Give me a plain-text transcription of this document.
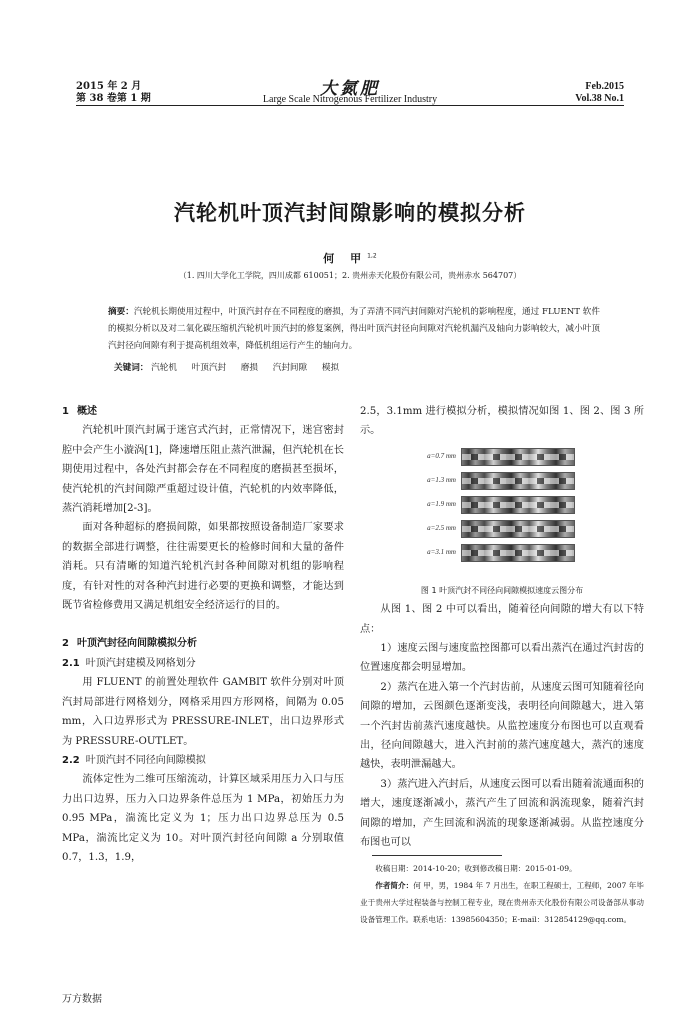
2015 年 2 月
第 38 卷第 1 期	大氮肥
Large Scale Nitrogenous Fertilizer Industry
Feb.2015
Vol.38 No.1
汽轮机叶顶汽封间隙影响的模拟分析
何 甲$^{1,2}$
（1. 四川大学化工学院，四川成都 610051；2. 贵州赤天化股份有限公司，贵州赤水 564707）
摘要：汽轮机长期使用过程中，叶顶汽封存在不同程度的磨损，为了弄清不同汽封间隙对汽轮机的影响程度，通过 FLUENT 软件的模拟分析以及对二氧化碳压缩机汽轮机叶顶汽封的修复案例，得出叶顶汽封径向间隙对汽轮机漏汽及轴向力影响较大，减小叶顶汽封径向间隙有利于提高机组效率，降低机组运行产生的轴向力。
关键词： 汽轮机 叶顶汽封 磨损 汽封间隙 模拟
1 概述

汽轮机叶顶汽封属于迷宫式汽封，正常情况下，迷宫密封腔中会产生小漩涡[1]，降速增压阻止蒸汽泄漏，但汽轮机在长期使用过程中，各处汽封都会存在不同程度的磨损甚至损坏，使汽轮机的汽封间隙严重超过设计值，汽轮机的内效率降低，蒸汽消耗增加[2-3]。

面对各种超标的磨损间隙，如果都按照设备制造厂家要求的数据全部进行调整，往往需要更长的检修时间和大量的备件消耗。只有清晰的知道汽轮机汽封各种间隙对机组的影响程度，有针对性的对各种汽封进行必要的更换和调整，才能达到既节省检修费用又满足机组安全经济运行的目的。

2 叶顶汽封径向间隙模拟分析
2.1 叶顶汽封建模及网格划分

用 FLUENT 的前置处理软件 GAMBIT 软件分别对叶顶汽封局部进行网格划分，网格采用四方形网格，间隔为 0.05 mm，入口边界形式为 PRESSURE-INLET，出口边界形式为 PRESSURE-OUTLET。

2.2 叶顶汽封不同径向间隙模拟

流体定性为二维可压缩流动，计算区域采用压力入口与压力出口边界，压力入口边界条件总压为 1 MPa，初始压力为 0.95 MPa，湍流比定义为 1；压力出口边界总压为 0.5 MPa，湍流比定义为 10。对叶顶汽封径向间隙 a 分别取值 0.7，1.3，1.9，

2.5，3.1mm 进行模拟分析，模拟情况如图 1、图 2、图 3 所示。

a=0.7 mm
a=1.3 mm
a=1.9 mm
a=2.5 mm
a=3.1 mm

图 1 叶顶汽封不同径向间隙模拟速度云图分布

从图 1、图 2 中可以看出，随着径向间隙的增大有以下特点：

1）速度云图与速度监控图都可以看出蒸汽在通过汽封齿的位置速度都会明显增加。

2）蒸汽在进入第一个汽封齿前，从速度云图可知随着径向间隙的增加，云图颜色逐渐变浅，表明径向间隙越大，进入第一个汽封齿前蒸汽速度越快。从监控速度分布图也可以直观看出，径向间隙越大，进入汽封前的蒸汽速度越大，蒸汽的速度越快，表明泄漏越大。

3）蒸汽进入汽封后，从速度云图可以看出随着流通面积的增大，速度逐渐减小，蒸汽产生了回流和涡流现象，随着汽封间隙的增加，产生回流和涡流的现象逐渐减弱。从监控速度分布图也可以

收稿日期：2014-10-20；收到修改稿日期：2015-01-09。

作者简介：何 甲，男，1984 年 7 月出生，在职工程硕士，工程师，2007 年毕业于贵州大学过程装备与控制工程专业，现在贵州赤天化股份有限公司设备部从事动设备管理工作。联系电话：13985604350；E-mail：312854129@qq.com。

万方数据
